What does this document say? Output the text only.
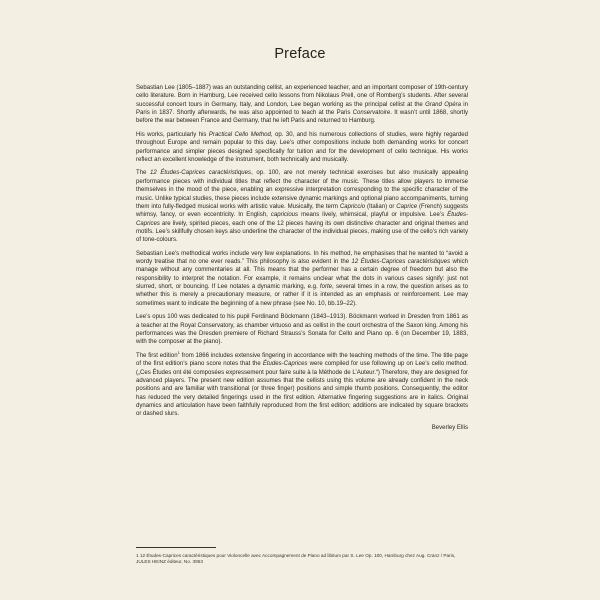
Preface

Sebastian Lee (1805–1887) was an outstanding cellist, an experienced teacher, and an important composer of 19th-century cello literature. Born in Hamburg, Lee received cello lessons from Nikolaus Prell, one of Romberg’s students. After several successful concert tours in Germany, Italy, and London, Lee began working as the principal cellist at the Grand Opéra in Paris in 1837. Shortly afterwards, he was also appointed to teach at the Paris Conservatoire. It wasn’t until 1868, shortly before the war between France and Germany, that he left Paris and returned to Hamburg.

His works, particularly his Practical Cello Method, op. 30, and his numerous collections of studies, were highly regarded throughout Europe and remain popular to this day. Lee’s other compositions include both demanding works for concert performance and simpler pieces designed specifically for tuition and for the development of cello technique. His works reflect an excellent knowledge of the instrument, both technically and musically.

The 12 Études-Caprices caractéristiques, op. 100, are not merely technical exercises but also musically appealing performance pieces with individual titles that reflect the character of the music. These titles allow players to immerse themselves in the mood of the piece, enabling an expressive interpretation corresponding to the specific character of the music. Unlike typical studies, these pieces include extensive dynamic markings and optional piano accompaniments, turning them into fully-fledged musical works with artistic value. Musically, the term Capriccio (Italian) or Caprice (French) suggests whimsy, fancy, or even eccentricity. In English, capricious means lively, whimsical, playful or impulsive. Lee’s Études-Caprices are lively, spirited pieces, each one of the 12 pieces having its own distinctive character and original themes and motifs. Lee’s skillfully chosen keys also underline the character of the individual pieces, making use of the cello’s rich variety of tone-colours.

Sebastian Lee’s methodical works include very few explanations. In his method, he emphasises that he wanted to “avoid a wordy treatise that no one ever reads.” This philosophy is also evident in the 12 Études-Caprices caractéristiques which manage without any commentaries at all. This means that the performer has a certain degree of freedom but also the responsibility to interpret the notation. For example, it remains unclear what the dots in various cases signify: just not slurred, short, or bouncing. If Lee notates a dynamic marking, e.g. forte, several times in a row, the question arises as to whether this is merely a precautionary measure, or rather if it is intended as an emphasis or reinforcement. Lee may sometimes want to indicate the beginning of a new phrase (see No. 10, bb.19–22).

Lee’s opus 100 was dedicated to his pupil Ferdinand Böckmann (1843–1913). Böckmann worked in Dresden from 1861 as a teacher at the Royal Conservatory, as chamber virtuoso and as cellist in the court orchestra of the Saxon king. Among his performances was the Dresden premiere of Richard Strauss’s Sonata for Cello and Piano op. 6 (on December 19, 1883, with the composer at the piano).

The first edition$^1$ from 1866 includes extensive fingering in accordance with the teaching methods of the time. The title page of the first edition’s piano score notes that the Études-Caprices were compiled for use following up on Lee’s cello method. („Ces Études ont été composées expressement pour faire suite à la Méthode de L’Auteur.“) Therefore, they are designed for advanced players. The present new edition assumes that the cellists using this volume are already confident in the neck positions and are familiar with transitional (or three finger) positions and simple thumb positions. Consequently, the editor has reduced the very detailed fingerings used in the first edition. Alternative fingering suggestions are in italics. Original dynamics and articulation have been faithfully reproduced from the first edition; additions are indicated by square brackets or dashed slurs.

Beverley Ellis
1 12 Études-Caprices caractéristiques pour Violoncelle avec Accompagnement de Piano ad libitum par S. Lee Op. 100, Hamburg chez Aug. Cranz / Paris, JULES HEINZ éditeur, No. 3953
